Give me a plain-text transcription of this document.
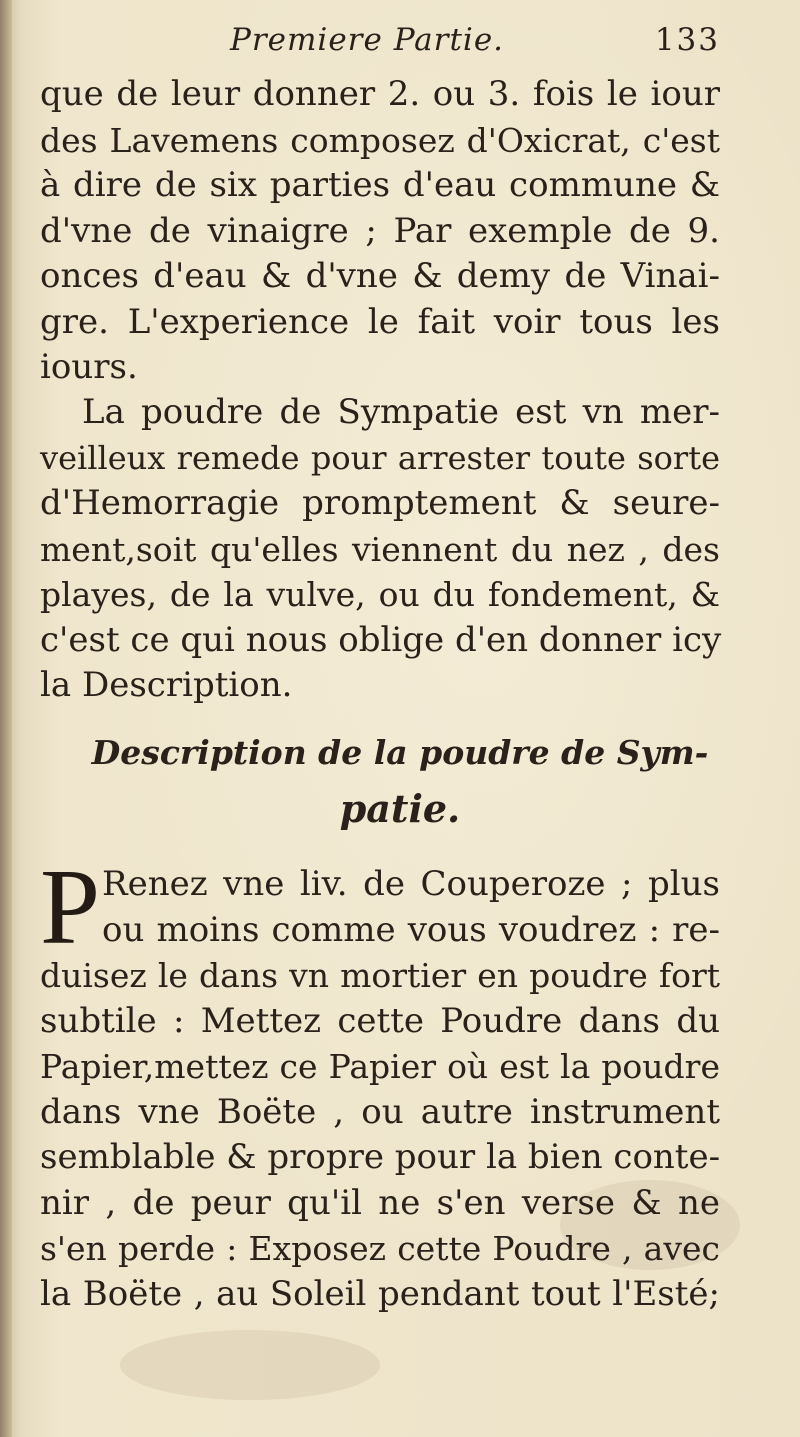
Premiere Partie.	133
que de leur donner 2. ou 3. fois le iour
des Lavemens composez d'Oxicrat, c'est
à dire de six parties d'eau commune &
d'vne de vinaigre ; Par exemple de 9.
onces d'eau & d'vne & demy de Vinai-
gre. L'experience le fait voir tous les
iours.
La poudre de Sympatie est vn mer-
veilleux remede pour arrester toute sorte
d'Hemorragie promptement & seure-
ment,soit qu'elles viennent du nez , des
playes, de la vulve, ou du fondement, &
c'est ce qui nous oblige d'en donner icy
la Description.
Description de la poudre de Sym-
patie.
P Renez vne liv. de Couperoze ; plus
ou moins comme vous voudrez : re-
duisez le dans vn mortier en poudre fort
subtile : Mettez cette Poudre dans du
Papier,mettez ce Papier où est la poudre
dans vne Boëte , ou autre instrument
semblable & propre pour la bien conte-
nir , de peur qu'il ne s'en verse & ne
s'en perde : Exposez cette Poudre , avec
la Boëte , au Soleil pendant tout l'Esté;
